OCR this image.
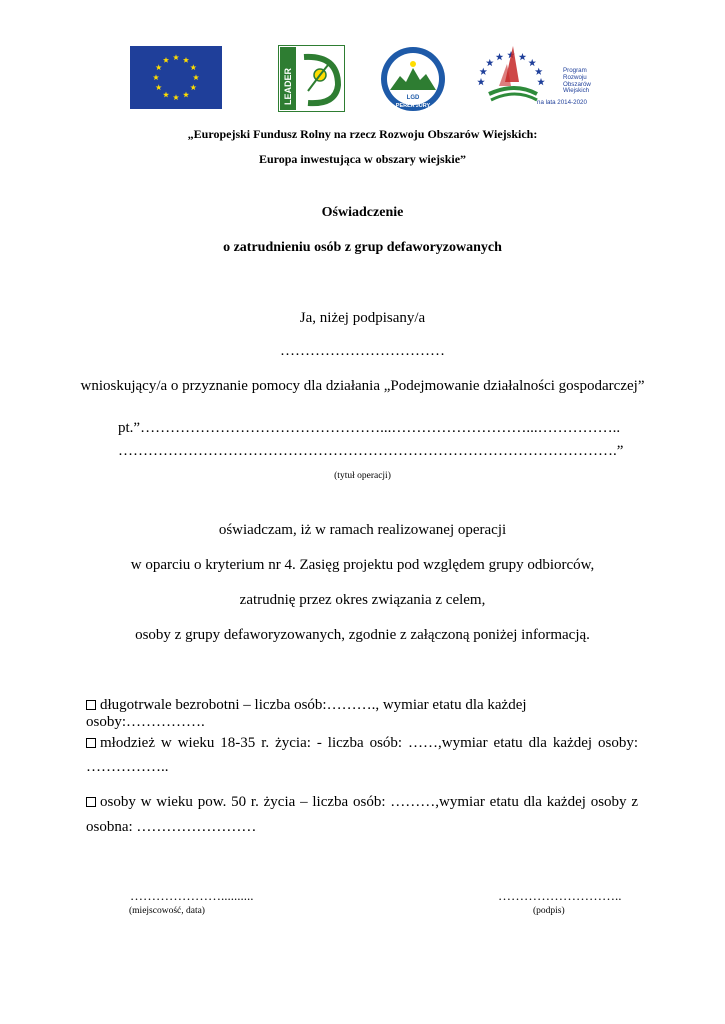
LEADER	LGD
PERŁA JURY
Program
Rozwoju
Obszarów
Wiejskich
na lata 2014-2020
„Europejski Fundusz Rolny na rzecz Rozwoju Obszarów Wiejskich:
Europa inwestująca w obszary wiejskie”
Oświadczenie
o zatrudnieniu osób z grup defaworyzowanych
Ja, niżej podpisany/a
……………………………
wnioskujący/a o przyznanie pomocy dla działania „Podejmowanie działalności gospodarczej”
pt.”…………………………………………...………………………...……………..
……………………………………………………………………………………….”
(tytuł operacji)
oświadczam, iż w ramach realizowanej operacji
w oparciu o kryterium nr 4. Zasięg projektu pod względem grupy odbiorców,
zatrudnię przez okres związania z celem,
osoby z grupy defaworyzowanych, zgodnie z załączoną poniżej informacją.
długotrwale bezrobotni – liczba osób:………., wymiar etatu dla każdej osoby:…………….
młodzież w wieku 18-35 r. życia: - liczba osób: ……,wymiar etatu dla każdej osoby:
……………..
osoby w wieku pow. 50 r. życia – liczba osób: ………,wymiar etatu dla każdej osoby z
osobna: ……………………
…………………..........
(miejscowość, data)
………………………..
(podpis)
